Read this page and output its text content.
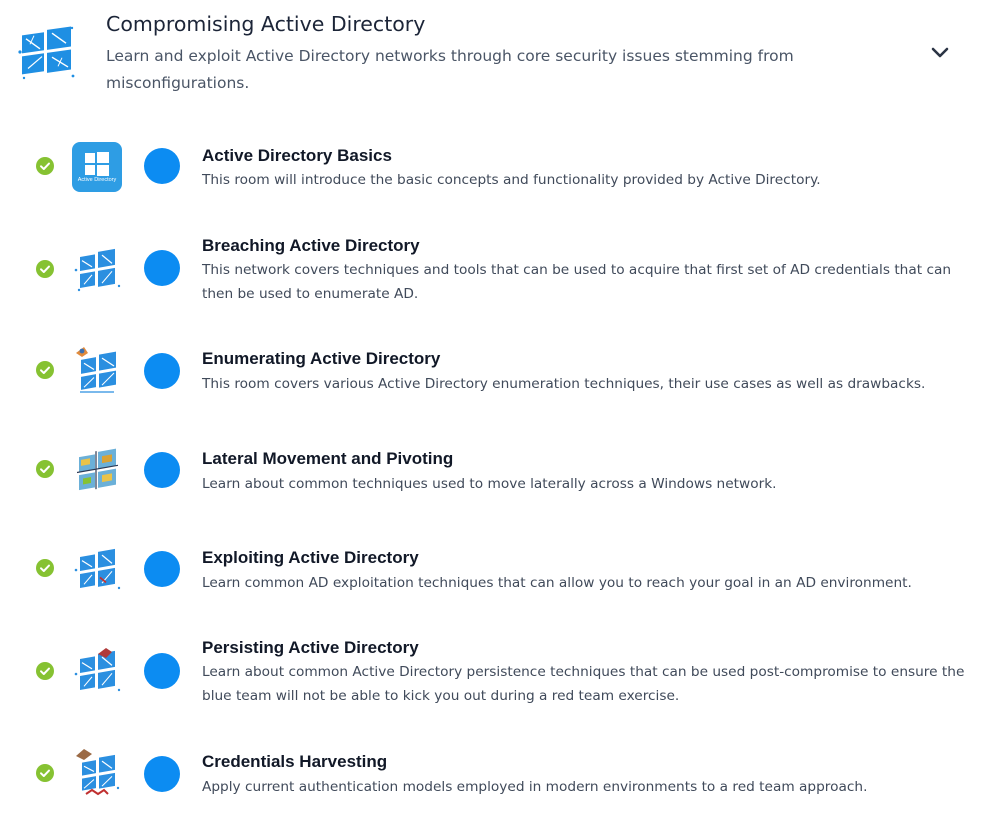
Compromising Active Directory
Learn and exploit Active Directory networks through core security issues stemming from misconfigurations.
Active Directory
Active Directory Basics
This room will introduce the basic concepts and functionality provided by Active Directory.
Breaching Active Directory
This network covers techniques and tools that can be used to acquire that first set of AD credentials that can then be used to enumerate AD.
Enumerating Active Directory
This room covers various Active Directory enumeration techniques, their use cases as well as drawbacks.
Lateral Movement and Pivoting
Learn about common techniques used to move laterally across a Windows network.
Exploiting Active Directory
Learn common AD exploitation techniques that can allow you to reach your goal in an AD environment.
Persisting Active Directory
Learn about common Active Directory persistence techniques that can be used post-compromise to ensure the blue team will not be able to kick you out during a red team exercise.
Credentials Harvesting
Apply current authentication models employed in modern environments to a red team approach.
